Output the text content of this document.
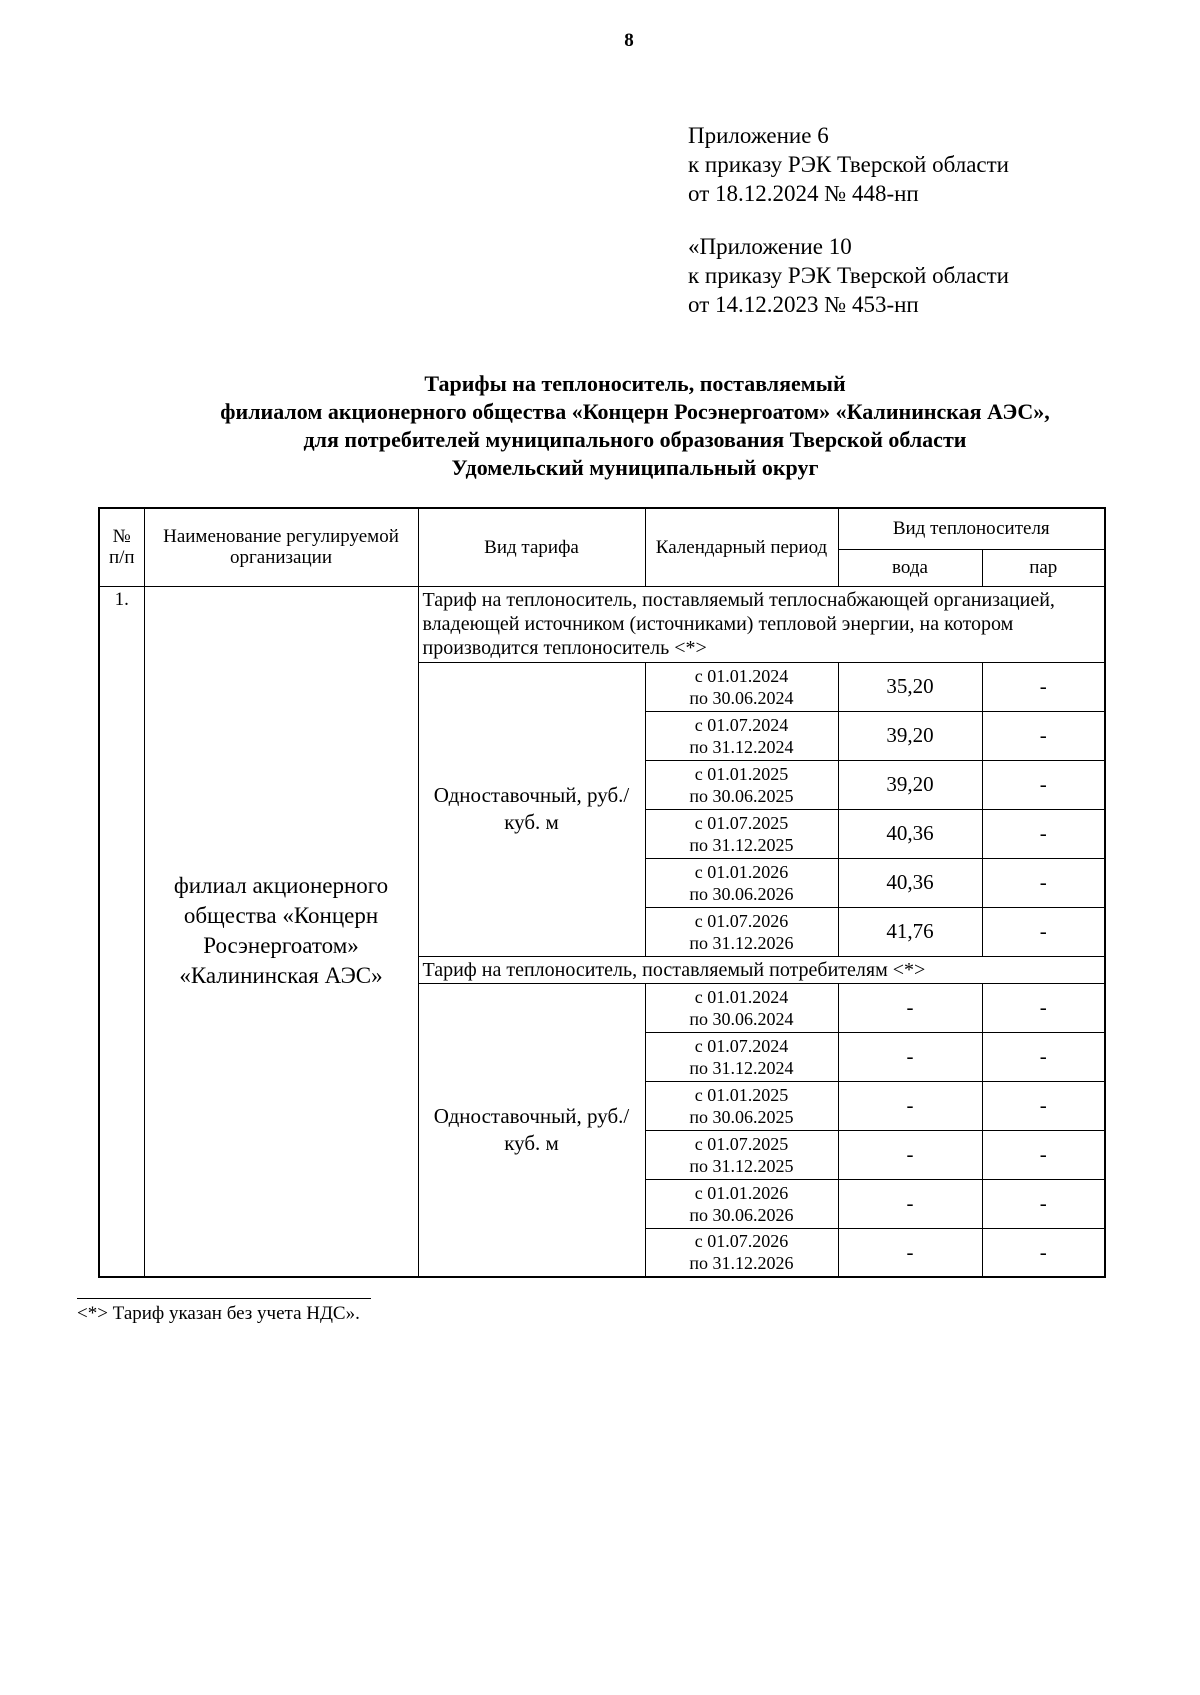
8
Приложение 6
к приказу РЭК Тверской области
от 18.12.2024 № 448-нп
«Приложение 10
к приказу РЭК Тверской области
от 14.12.2023 № 453-нп
Тарифы на теплоноситель, поставляемый
филиалом акционерного общества «Концерн Росэнергоатом» «Калининская АЭС»,
для потребителей муниципального образования Тверской области
Удомельский муниципальный округ
№ п/п	Наименование регулируемой организации	Вид тарифа	Календарный период	Вид теплоносителя	
				вода	пар
1.	филиал акционерного общества «Концерн Росэнергоатом» «Калининская АЭС»	Тариф на теплоноситель, поставляемый теплоснабжающей организацией, владеющей источником (источниками) тепловой энергии, на котором производится теплоноситель <*>			
		Одноставочный, руб./куб. м	с 01.01.2024
по 30.06.2024	35,20	-
			с 01.07.2024
по 31.12.2024	39,20	-
			с 01.01.2025
по 30.06.2025	39,20	-
			с 01.07.2025
по 31.12.2025	40,36	-
			с 01.01.2026
по 30.06.2026	40,36	-
			с 01.07.2026
по 31.12.2026	41,76	-
		Тариф на теплоноситель, поставляемый потребителям <*>			
		Одноставочный, руб./куб. м	с 01.01.2024
по 30.06.2024	-	-
			с 01.07.2024
по 31.12.2024	-	-
			с 01.01.2025
по 30.06.2025	-	-
			с 01.07.2025
по 31.12.2025	-	-
			с 01.01.2026
по 30.06.2026	-	-
			с 01.07.2026
по 31.12.2026	-	-
<*> Тариф указан без учета НДС».
